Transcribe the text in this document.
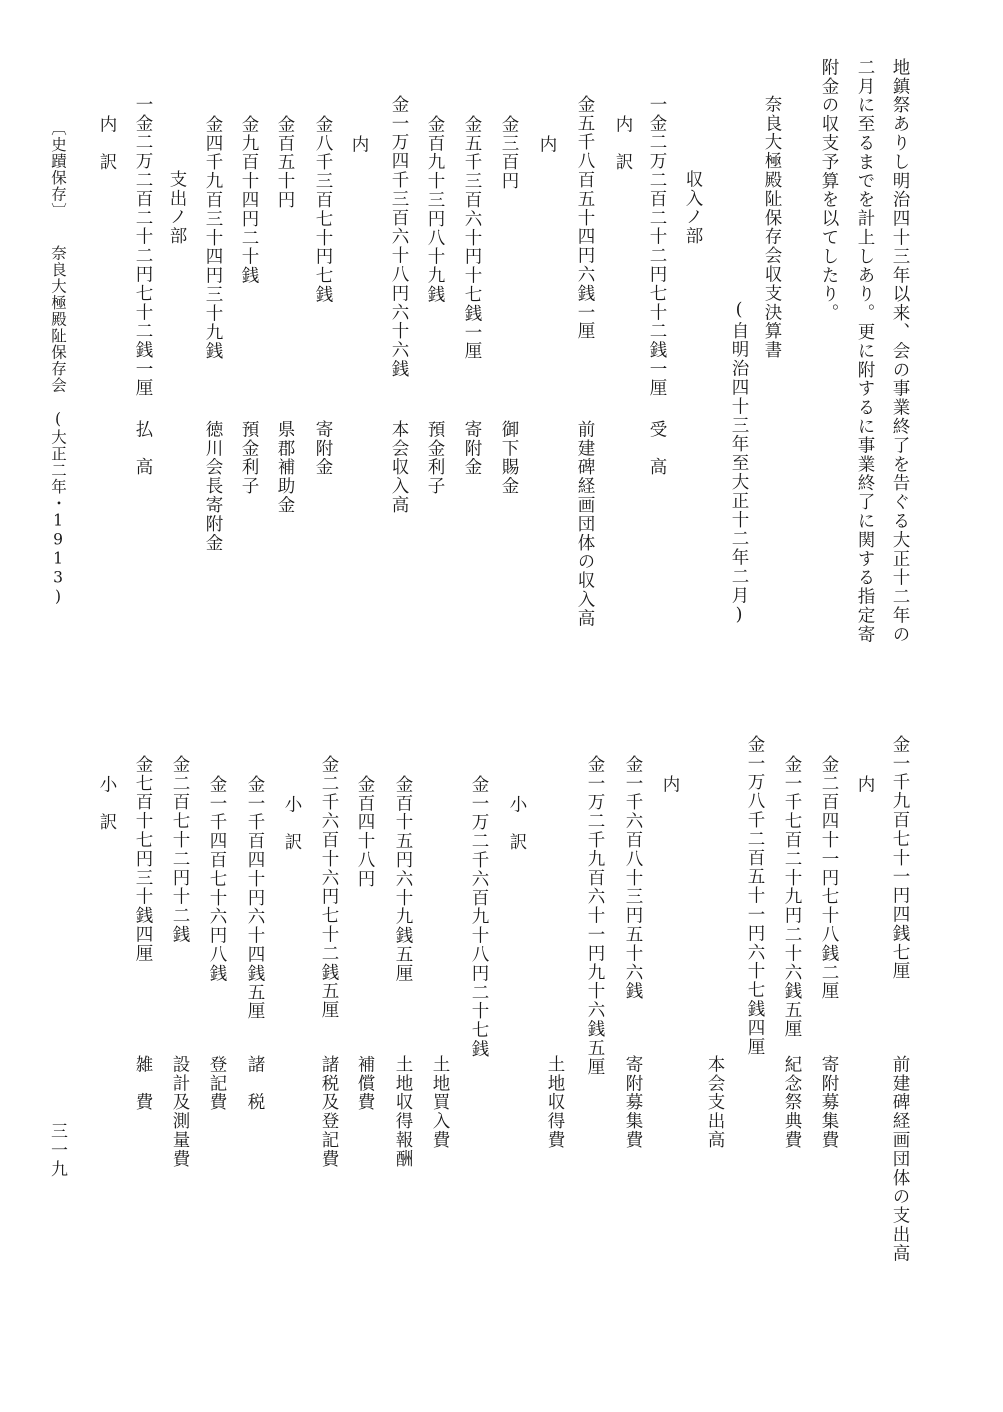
地鎮祭ありし明治四十三年以来、会の事業終了を告ぐる大正十二年の
二月に至るまでを計上しあり。更に附するに事業終了に関する指定寄
附金の収支予算を以てしたり。
奈良大極殿阯保存会収支決算書
(自明治四十三年至大正十二年二月)
収入ノ部
一金二万二百二十二円七十二銭一厘
受　高
内　訳
金五千八百五十四円六銭一厘
前建碑経画団体の収入高
内
金三百円
御下賜金
金五千三百六十円十七銭一厘
寄附金
金百九十三円八十九銭
預金利子
金一万四千三百六十八円六十六銭
本会収入高
内
金八千三百七十円七銭
寄附金
金百五十円
県郡補助金
金九百十四円二十銭
預金利子
金四千九百三十四円三十九銭
徳川会長寄附金
支出ノ部
一金二万二百二十二円七十二銭一厘
払　高
内　訳
金一千九百七十一円四銭七厘
前建碑経画団体の支出高
内
金二百四十一円七十八銭二厘
寄附募集費
金一千七百二十九円二十六銭五厘
紀念祭典費
金一万八千二百五十一円六十七銭四厘
本会支出高
内
金一千六百八十三円五十六銭
寄附募集費
金一万二千九百六十一円九十六銭五厘
土地収得費
小　訳
金一万二千六百九十八円二十七銭
土地買入費
金百十五円六十九銭五厘
土地収得報酬
金百四十八円
補償費
金二千六百十六円七十二銭五厘
諸税及登記費
小　訳
金一千百四十円六十四銭五厘
諸　税
金一千四百七十六円八銭
登記費
金二百七十二円十二銭
設計及測量費
金七百十七円三十銭四厘
雑　費
小　訳
〔史蹟保存〕
奈良大極殿阯保存会　(大正二年・1913)
三一九
